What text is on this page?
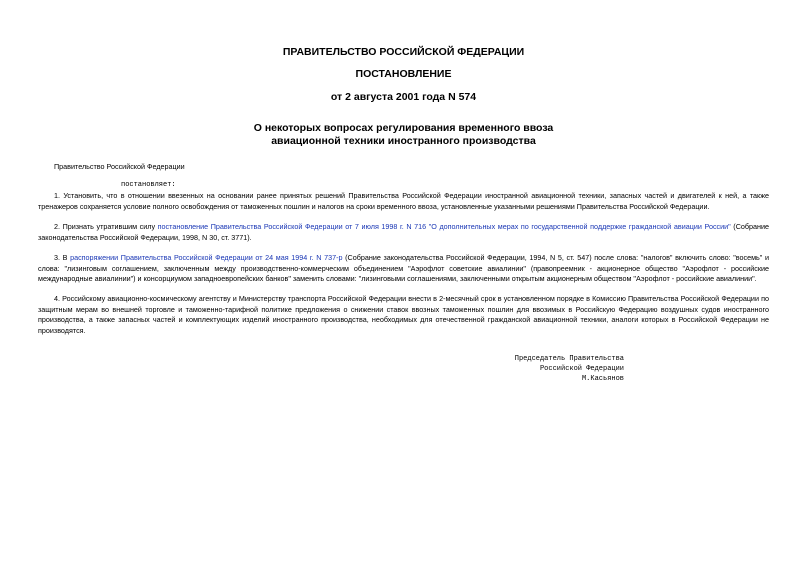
ПРАВИТЕЛЬСТВО РОССИЙСКОЙ ФЕДЕРАЦИИ
ПОСТАНОВЛЕНИЕ
от 2 августа 2001 года N 574
О некоторых вопросах регулирования временного ввоза
авиационной техники иностранного производства

Правительство Российской Федерации

1. Установить, что в отношении ввезенных на основании ранее принятых решений Правительства Российской Федерации иностранной авиационной техники, запасных частей и двигателей к ней, а также тренажеров сохраняется условие полного освобождения от таможенных пошлин и налогов на сроки временного ввоза, установленные указанными решениями Правительства Российской Федерации.

2. Признать утратившим силу постановление Правительства Российской Федерации от 7 июля 1998 г. N 716 "О дополнительных мерах по государственной поддержке гражданской авиации России" (Собрание законодательства Российской Федерации, 1998, N 30, ст. 3771).

3. В распоряжении Правительства Российской Федерации от 24 мая 1994 г. N 737-р (Собрание законодательства Российской Федерации, 1994, N 5, ст. 547) после слова: "налогов" включить слово: "восемь" и слова: "лизинговым соглашением, заключенным между производственно-коммерческим объединением "Аэрофлот советские авиалинии" (правопреемник - акционерное общество "Аэрофлот - российские международные авиалинии") и консорциумом западноевропейских банков" заменить словами: "лизинговыми соглашениями, заключенными открытым акционерным обществом "Аэрофлот - российские авиалинии".

4. Российскому авиационно-космическому агентству и Министерству транспорта Российской Федерации внести в 2-месячный срок в установленном порядке в Комиссию Правительства Российской Федерации по защитным мерам во внешней торговле и таможенно-тарифной политике предложения о снижении ставок ввозных таможенных пошлин для ввозимых в Российскую Федерацию воздушных судов иностранного производства, а также запасных частей и комплектующих изделий иностранного производства, необходимых для отечественной гражданской авиационной техники, аналоги которых в Российской Федерации не производятся.

постановляет:
Председатель Правительства
Российской Федерации
М.Касьянов
